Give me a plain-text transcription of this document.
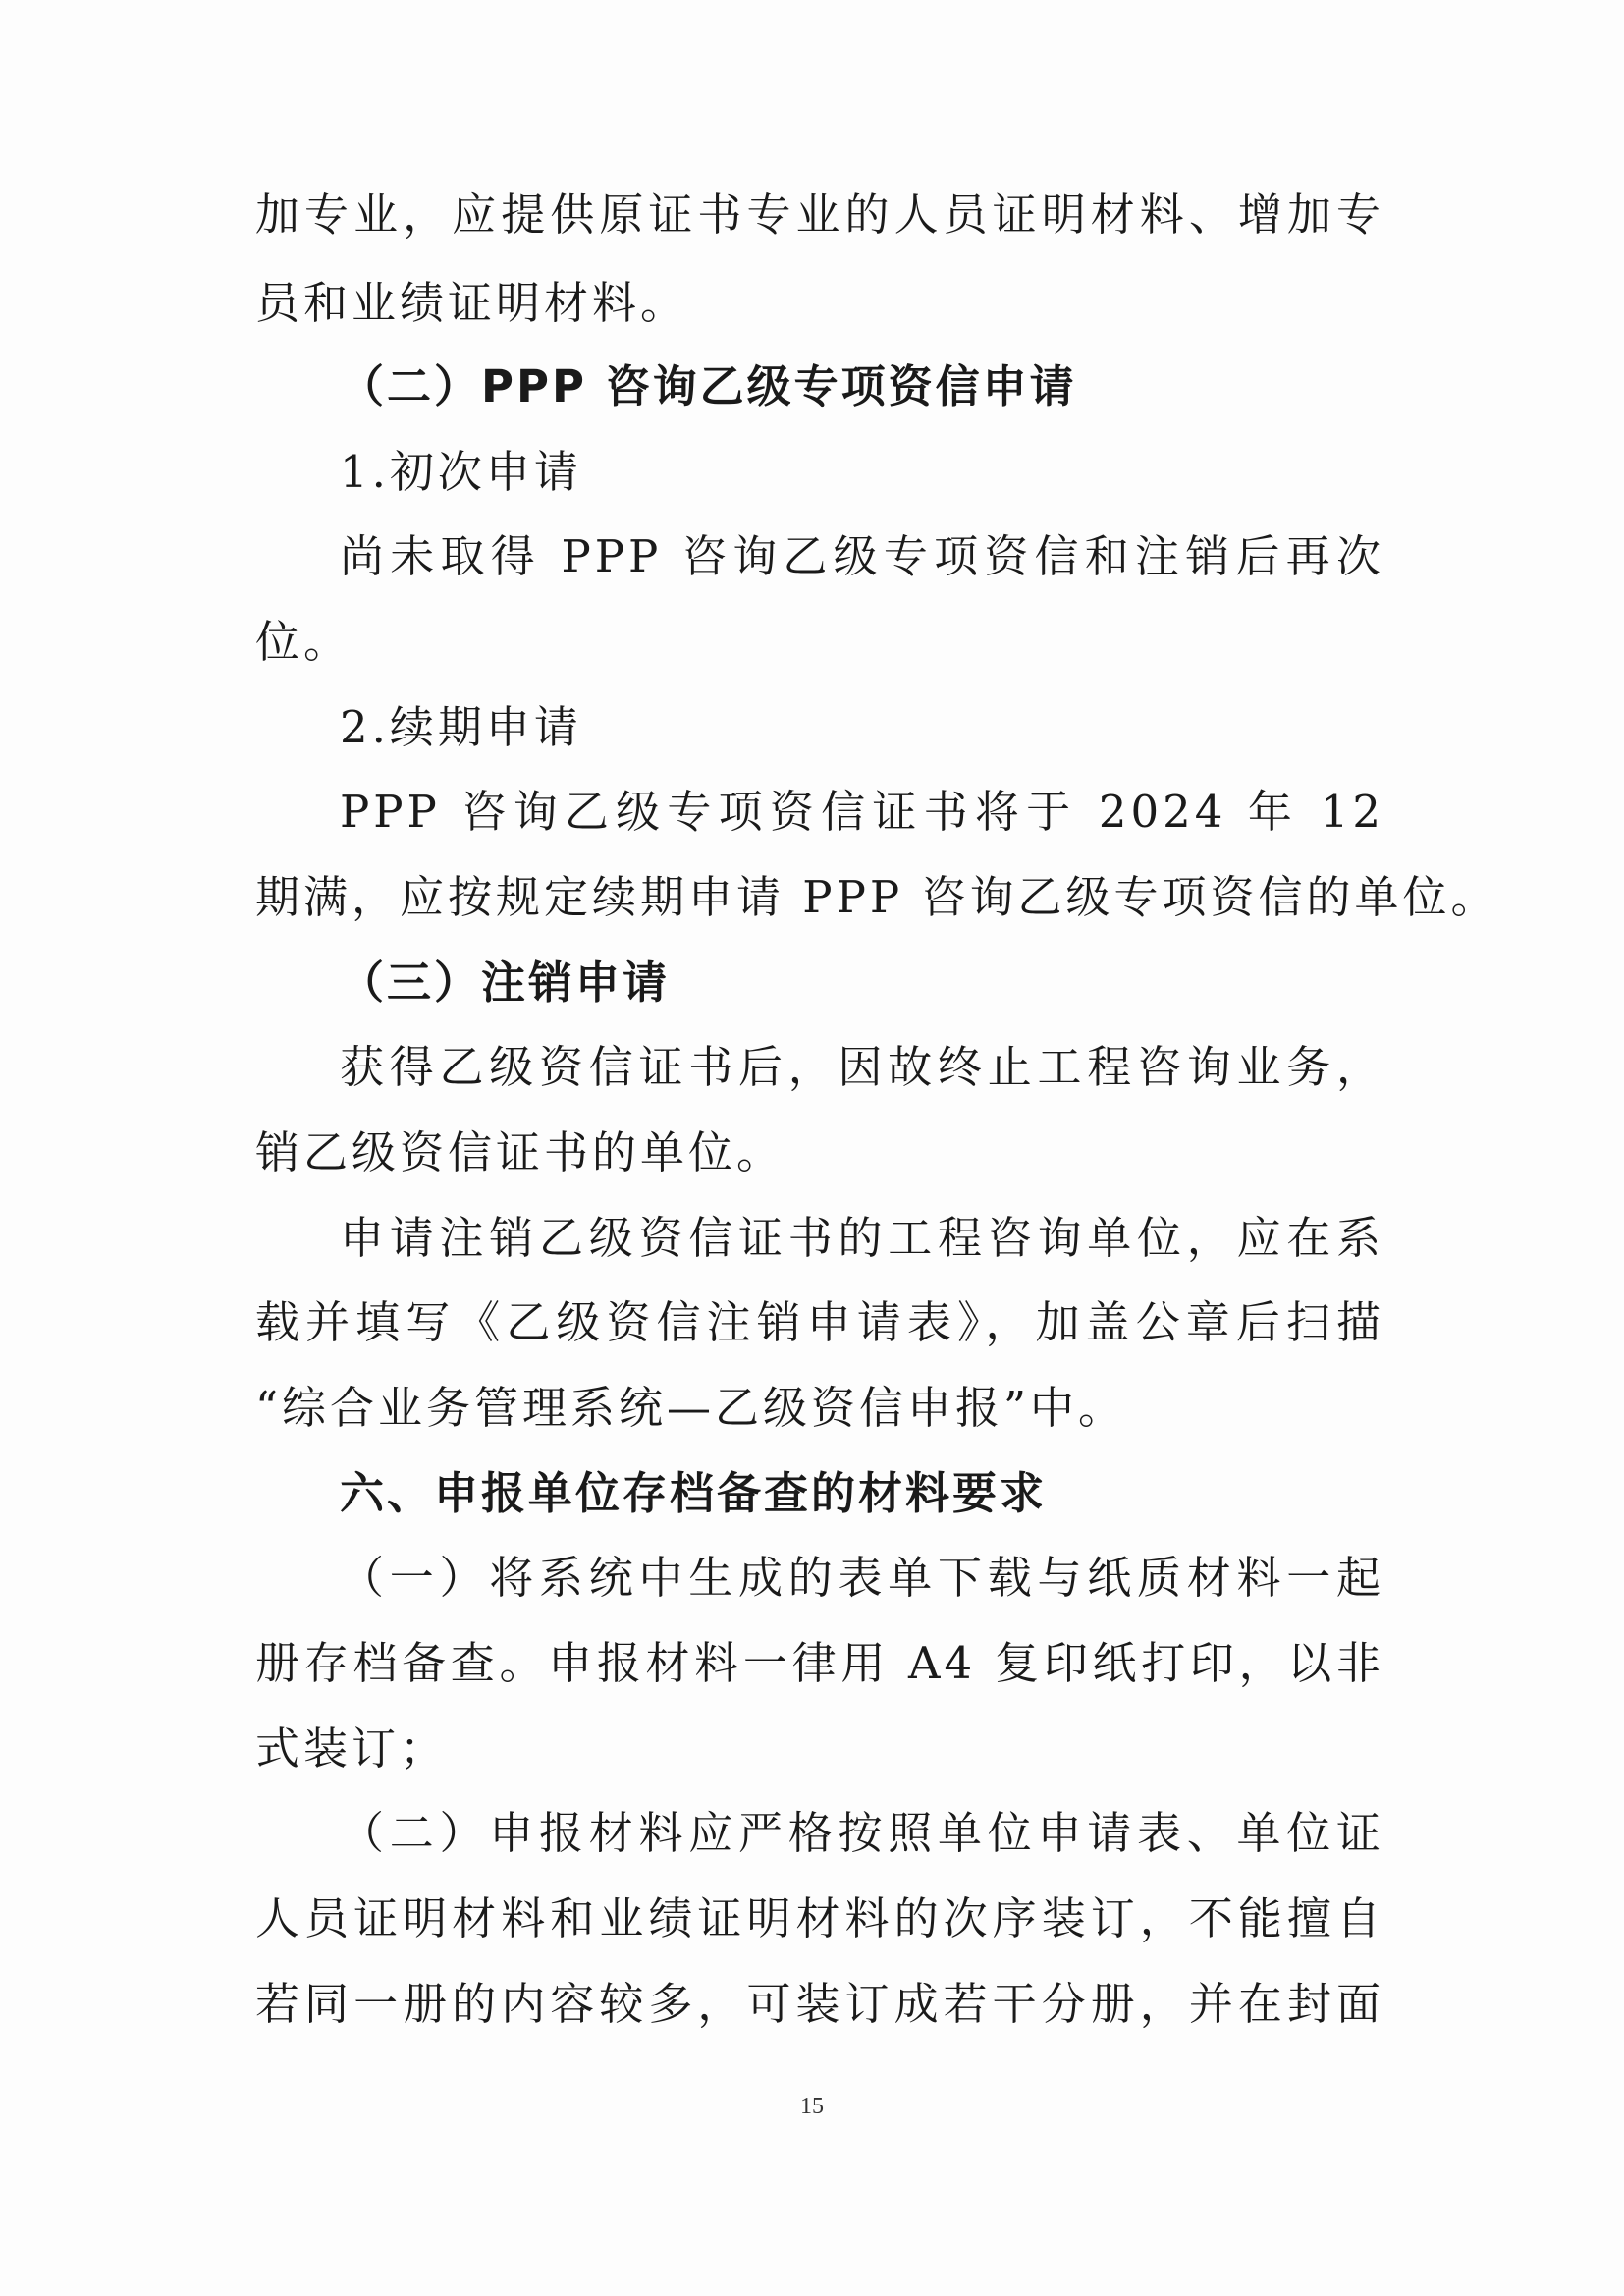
加专业，应提供原证书专业的人员证明材料、增加专
员和业绩证明材料。
（二）PPP 咨询乙级专项资信申请
1.初次申请
尚未取得 PPP 咨询乙级专项资信和注销后再次
位。
2.续期申请
PPP 咨询乙级专项资信证书将于 2024 年 12
期满，应按规定续期申请 PPP 咨询乙级专项资信的单位。
（三）注销申请
获得乙级资信证书后，因故终止工程咨询业务，
销乙级资信证书的单位。
申请注销乙级资信证书的工程咨询单位，应在系
载并填写《乙级资信注销申请表》，加盖公章后扫描
“综合业务管理系统—乙级资信申报”中。
六、申报单位存档备查的材料要求
（一）将系统中生成的表单下载与纸质材料一起
册存档备查。申报材料一律用 A4 复印纸打印，以非
式装订；
（二）申报材料应严格按照单位申请表、单位证
人员证明材料和业绩证明材料的次序装订，不能擅自
若同一册的内容较多，可装订成若干分册，并在封面
15
